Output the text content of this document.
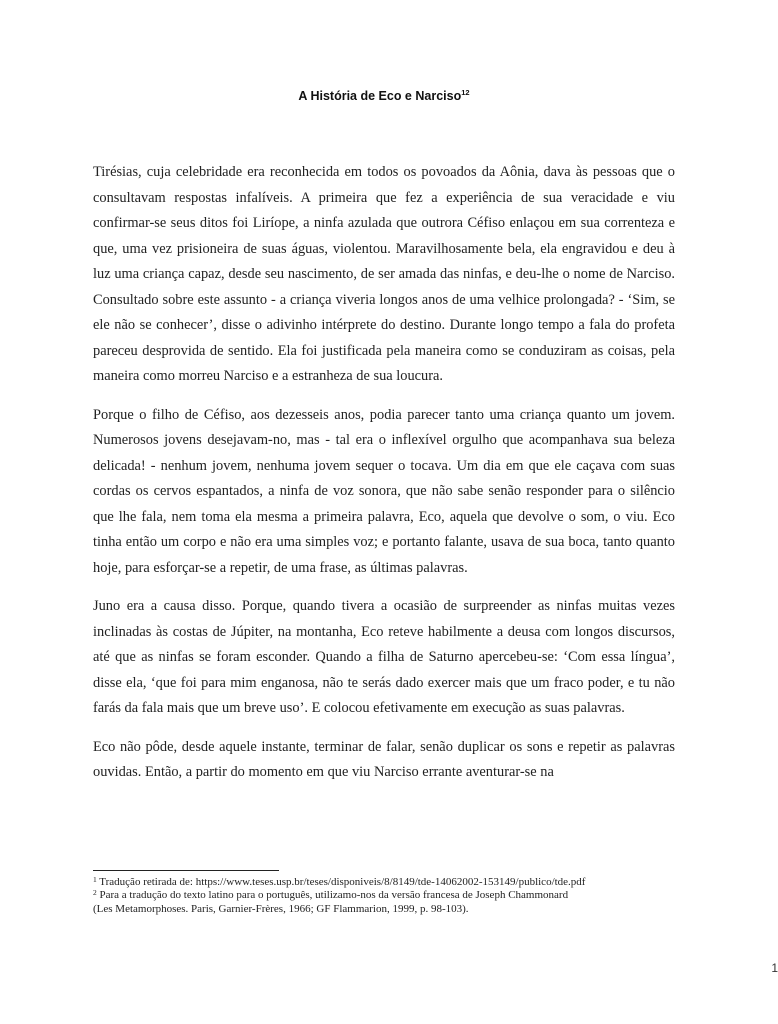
A História de Eco e Narciso$^{12}$

Tirésias, cuja celebridade era reconhecida em todos os povoados da Aônia, dava às pessoas que o consultavam respostas infalíveis. A primeira que fez a experiência de sua veracidade e viu confirmar-se seus ditos foi Liríope, a ninfa azulada que outrora Céfiso enlaçou em sua correnteza e que, uma vez prisioneira de suas águas, violentou. Maravilhosamente bela, ela engravidou e deu à luz uma criança capaz, desde seu nascimento, de ser amada das ninfas, e deu-lhe o nome de Narciso. Consultado sobre este assunto - a criança viveria longos anos de uma velhice prolongada? - ‘Sim, se ele não se conhecer’, disse o adivinho intérprete do destino. Durante longo tempo a fala do profeta pareceu desprovida de sentido. Ela foi justificada pela maneira como se conduziram as coisas, pela maneira como morreu Narciso e a estranheza de sua loucura.

Porque o filho de Céfiso, aos dezesseis anos, podia parecer tanto uma criança quanto um jovem. Numerosos jovens desejavam-no, mas - tal era o inflexível orgulho que acompanhava sua beleza delicada! - nenhum jovem, nenhuma jovem sequer o tocava. Um dia em que ele caçava com suas cordas os cervos espantados, a ninfa de voz sonora, que não sabe senão responder para o silêncio que lhe fala, nem toma ela mesma a primeira palavra, Eco, aquela que devolve o som, o viu. Eco tinha então um corpo e não era uma simples voz; e portanto falante, usava de sua boca, tanto quanto hoje, para esforçar-se a repetir, de uma frase, as últimas palavras.

Juno era a causa disso. Porque, quando tivera a ocasião de surpreender as ninfas muitas vezes inclinadas às costas de Júpiter, na montanha, Eco reteve habilmente a deusa com longos discursos, até que as ninfas se foram esconder. Quando a filha de Saturno apercebeu-se: ‘Com essa língua’, disse ela, ‘que foi para mim enganosa, não te serás dado exercer mais que um fraco poder, e tu não farás da fala mais que um breve uso’. E colocou efetivamente em execução as suas palavras.

Eco não pôde, desde aquele instante, terminar de falar, senão duplicar os sons e repetir as palavras ouvidas. Então, a partir do momento em que viu Narciso errante aventurar-se na

$^1$ Tradução retirada de: https://www.teses.usp.br/teses/disponiveis/8/8149/tde-14062002-153149/publico/tde.pdf

$^2$ Para a tradução do texto latino para o português, utilizamo-nos da versão francesa de Joseph Chammonard

(Les Metamorphoses. Paris, Garnier-Frères, 1966; GF Flammarion, 1999, p. 98-103).

1
